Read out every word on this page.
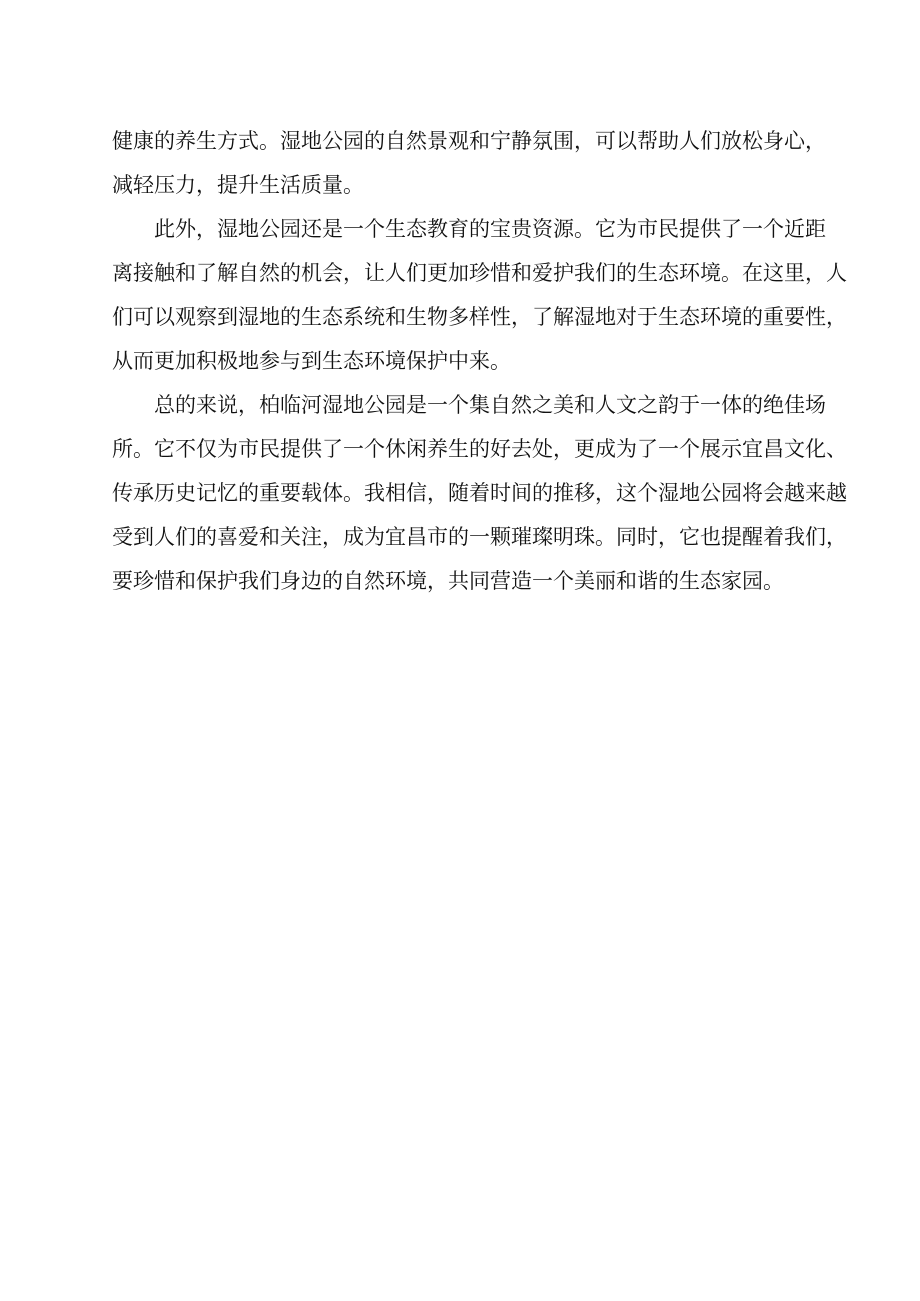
健康的养生方式。湿地公园的自然景观和宁静氛围，可以帮助人们放松身心，

减轻压力，提升生活质量。

此外，湿地公园还是一个生态教育的宝贵资源。它为市民提供了一个近距

离接触和了解自然的机会，让人们更加珍惜和爱护我们的生态环境。在这里，人

们可以观察到湿地的生态系统和生物多样性，了解湿地对于生态环境的重要性，

从而更加积极地参与到生态环境保护中来。

总的来说，柏临河湿地公园是一个集自然之美和人文之韵于一体的绝佳场

所。它不仅为市民提供了一个休闲养生的好去处，更成为了一个展示宜昌文化、

传承历史记忆的重要载体。我相信，随着时间的推移，这个湿地公园将会越来越

受到人们的喜爱和关注，成为宜昌市的一颗璀璨明珠。同时，它也提醒着我们，

要珍惜和保护我们身边的自然环境，共同营造一个美丽和谐的生态家园。
